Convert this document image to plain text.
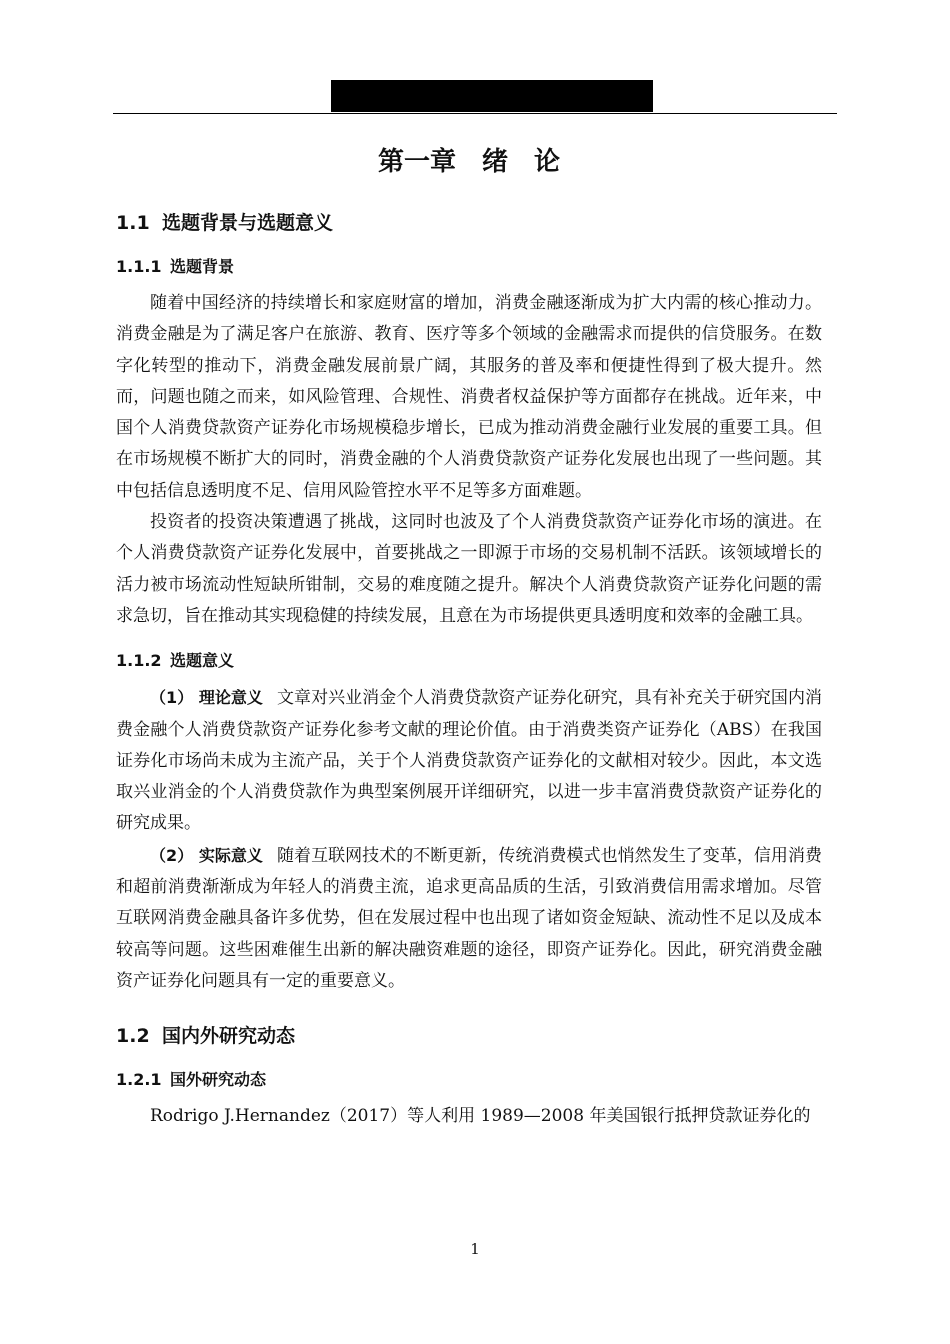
第一章　绪　论
1.1 选题背景与选题意义
1.1.1 选题背景

随着中国经济的持续增长和家庭财富的增加，消费金融逐渐成为扩大内需的核心推动力。消费金融是为了满足客户在旅游、教育、医疗等多个领域的金融需求而提供的信贷服务。在数字化转型的推动下，消费金融发展前景广阔，其服务的普及率和便捷性得到了极大提升。然而，问题也随之而来，如风险管理、合规性、消费者权益保护等方面都存在挑战。近年来，中国个人消费贷款资产证券化市场规模稳步增长，已成为推动消费金融行业发展的重要工具。但在市场规模不断扩大的同时，消费金融的个人消费贷款资产证券化发展也出现了一些问题。其中包括信息透明度不足、信用风险管控水平不足等多方面难题。

投资者的投资决策遭遇了挑战，这同时也波及了个人消费贷款资产证券化市场的演进。在个人消费贷款资产证券化发展中，首要挑战之一即源于市场的交易机制不活跃。该领域增长的活力被市场流动性短缺所钳制，交易的难度随之提升。解决个人消费贷款资产证券化问题的需求急切，旨在推动其实现稳健的持续发展，且意在为市场提供更具透明度和效率的金融工具。

1.1.2 选题意义

（1） 理论意义 文章对兴业消金个人消费贷款资产证券化研究，具有补充关于研究国内消费金融个人消费贷款资产证券化参考文献的理论价值。由于消费类资产证券化（ABS）在我国证券化市场尚未成为主流产品，关于个人消费贷款资产证券化的文献相对较少。因此，本文选取兴业消金的个人消费贷款作为典型案例展开详细研究，以进一步丰富消费贷款资产证券化的研究成果。

（2） 实际意义 随着互联网技术的不断更新，传统消费模式也悄然发生了变革，信用消费和超前消费渐渐成为年轻人的消费主流，追求更高品质的生活，引致消费信用需求增加。尽管互联网消费金融具备许多优势，但在发展过程中也出现了诸如资金短缺、流动性不足以及成本较高等问题。这些困难催生出新的解决融资难题的途径，即资产证券化。因此，研究消费金融资产证券化问题具有一定的重要意义。

1.2 国内外研究动态
1.2.1 国外研究动态

Rodrigo J.Hernandez（2017）等人利用 1989—2008 年美国银行抵押贷款证券化的

1
